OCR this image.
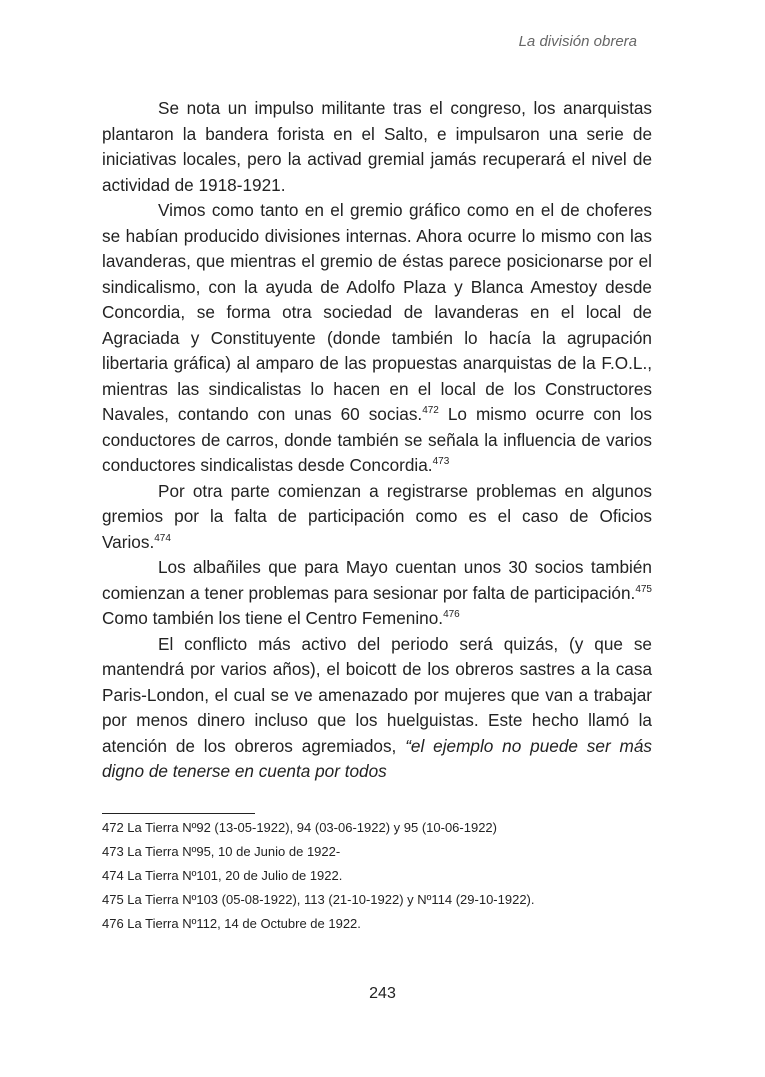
La división obrera

Se nota un impulso militante tras el congreso, los anarquistas plantaron la bandera forista en el Salto, e impulsaron una serie de iniciativas locales, pero la activad gremial jamás recuperará el nivel de actividad de 1918-1921.

Vimos como tanto en el gremio gráfico como en el de choferes se habían producido divisiones internas. Ahora ocurre lo mismo con las lavanderas, que mientras el gremio de éstas parece posicionarse por el sindicalismo, con la ayuda de Adolfo Plaza y Blanca Amestoy desde Concordia, se forma otra sociedad de lavanderas en el local de Agraciada y Constituyente (donde también lo hacía la agrupación libertaria gráfica) al amparo de las propuestas anarquistas de la F.O.L., mientras las sindicalistas lo hacen en el local de los Constructores Navales, contando con unas 60 socias.$^{472}$ Lo mismo ocurre con los conductores de carros, donde también se señala la influencia de varios conductores sindicalistas desde Concordia.$^{473}$

Por otra parte comienzan a registrarse problemas en algunos gremios por la falta de participación como es el caso de Oficios Varios.$^{474}$

Los albañiles que para Mayo cuentan unos 30 socios también comienzan a tener problemas para sesionar por falta de participación.$^{475}$ Como también los tiene el Centro Femenino.$^{476}$

El conflicto más activo del periodo será quizás, (y que se mantendrá por varios años), el boicott de los obreros sastres a la casa Paris-London, el cual se ve amenazado por mujeres que van a trabajar por menos dinero incluso que los huelguistas. Este hecho llamó la atención de los obreros agremiados, “el ejemplo no puede ser más digno de tenerse en cuenta por todos

472 La Tierra Nº92 (13-05-1922), 94 (03-06-1922) y 95 (10-06-1922)
473 La Tierra Nº95, 10 de Junio de 1922-
474 La Tierra Nº101, 20 de Julio de 1922.
475 La Tierra Nº103 (05-08-1922), 113 (21-10-1922) y Nº114 (29-10-1922).
476 La Tierra Nº112, 14 de Octubre de 1922.
243
